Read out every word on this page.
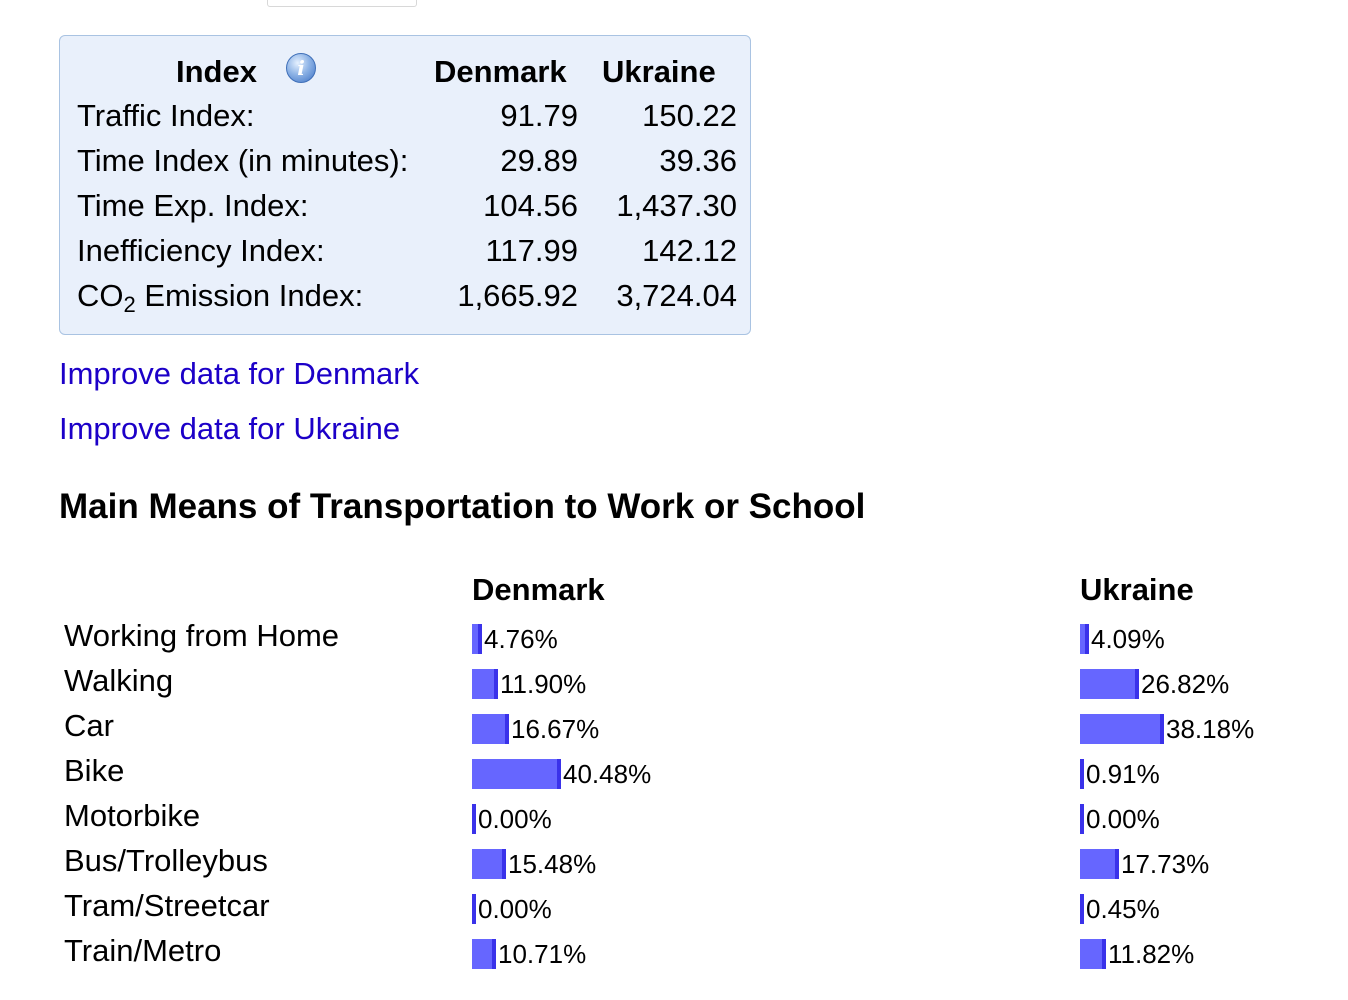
Index	i	Denmark Ukraine
Traffic Index:	91.79 150.22
Time Index (in minutes):	29.89	39.36
Time Exp. Index:	104.56 1,437.30
Inefficiency Index:	117.99 142.12
$CO_2$ Emission Index:	1,665.92 3,724.04
Improve data for Denmark
Improve data for Ukraine
Main Means of Transportation to Work or School
Denmark	Ukraine
Working from Home	4.76%	4.09%
Walking	11.90%	26.82%
Car	16.67%	38.18%
Bike	40.48%	0.91%
Motorbike	0.00%	0.00%
Bus/Trolleybus	15.48%	17.73%
Tram/Streetcar	0.00%	0.45%
Train/Metro	10.71%	11.82%
